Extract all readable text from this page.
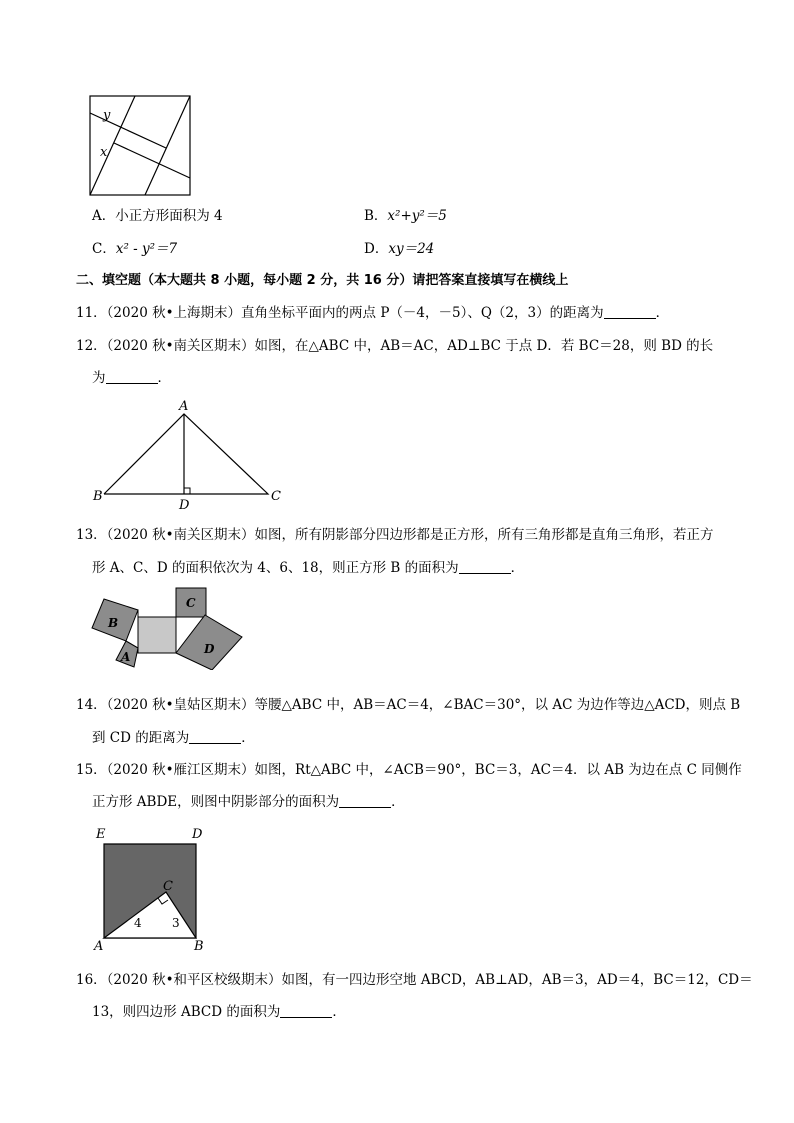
y
x
A．小正方形面积为 4	B．x²+y²＝5
C．x² - y²＝7	D．xy＝24
二、填空题（本大题共 8 小题，每小题 2 分，共 16 分）请把答案直接填写在横线上
11．（2020 秋•上海期末）直角坐标平面内的两点 P（－4，－5）、Q（2，3）的距离为	．
12．（2020 秋•南关区期末）如图，在△ABC 中，AB＝AC，AD⊥BC 于点 D．若 BC＝28，则 BD 的长
为	．
A
B	C
D
13．（2020 秋•南关区期末）如图，所有阴影部分四边形都是正方形，所有三角形都是直角三角形，若正方
形 A、C、D 的面积依次为 4、6、18，则正方形 B 的面积为	．
B
A
C
D
14．（2020 秋•皇姑区期末）等腰△ABC 中，AB＝AC＝4，∠BAC＝30°，以 AC 为边作等边△ACD，则点 B
到 CD 的距离为	．
15．（2020 秋•雁江区期末）如图，Rt△ABC 中，∠ACB＝90°，BC＝3，AC＝4．以 AB 为边在点 C 同侧作
正方形 ABDE，则图中阴影部分的面积为	．
E	D
C
A	B
4	3
16．（2020 秋•和平区校级期末）如图，有一四边形空地 ABCD，AB⊥AD，AB＝3，AD＝4，BC＝12，CD＝
13，则四边形 ABCD 的面积为	．
